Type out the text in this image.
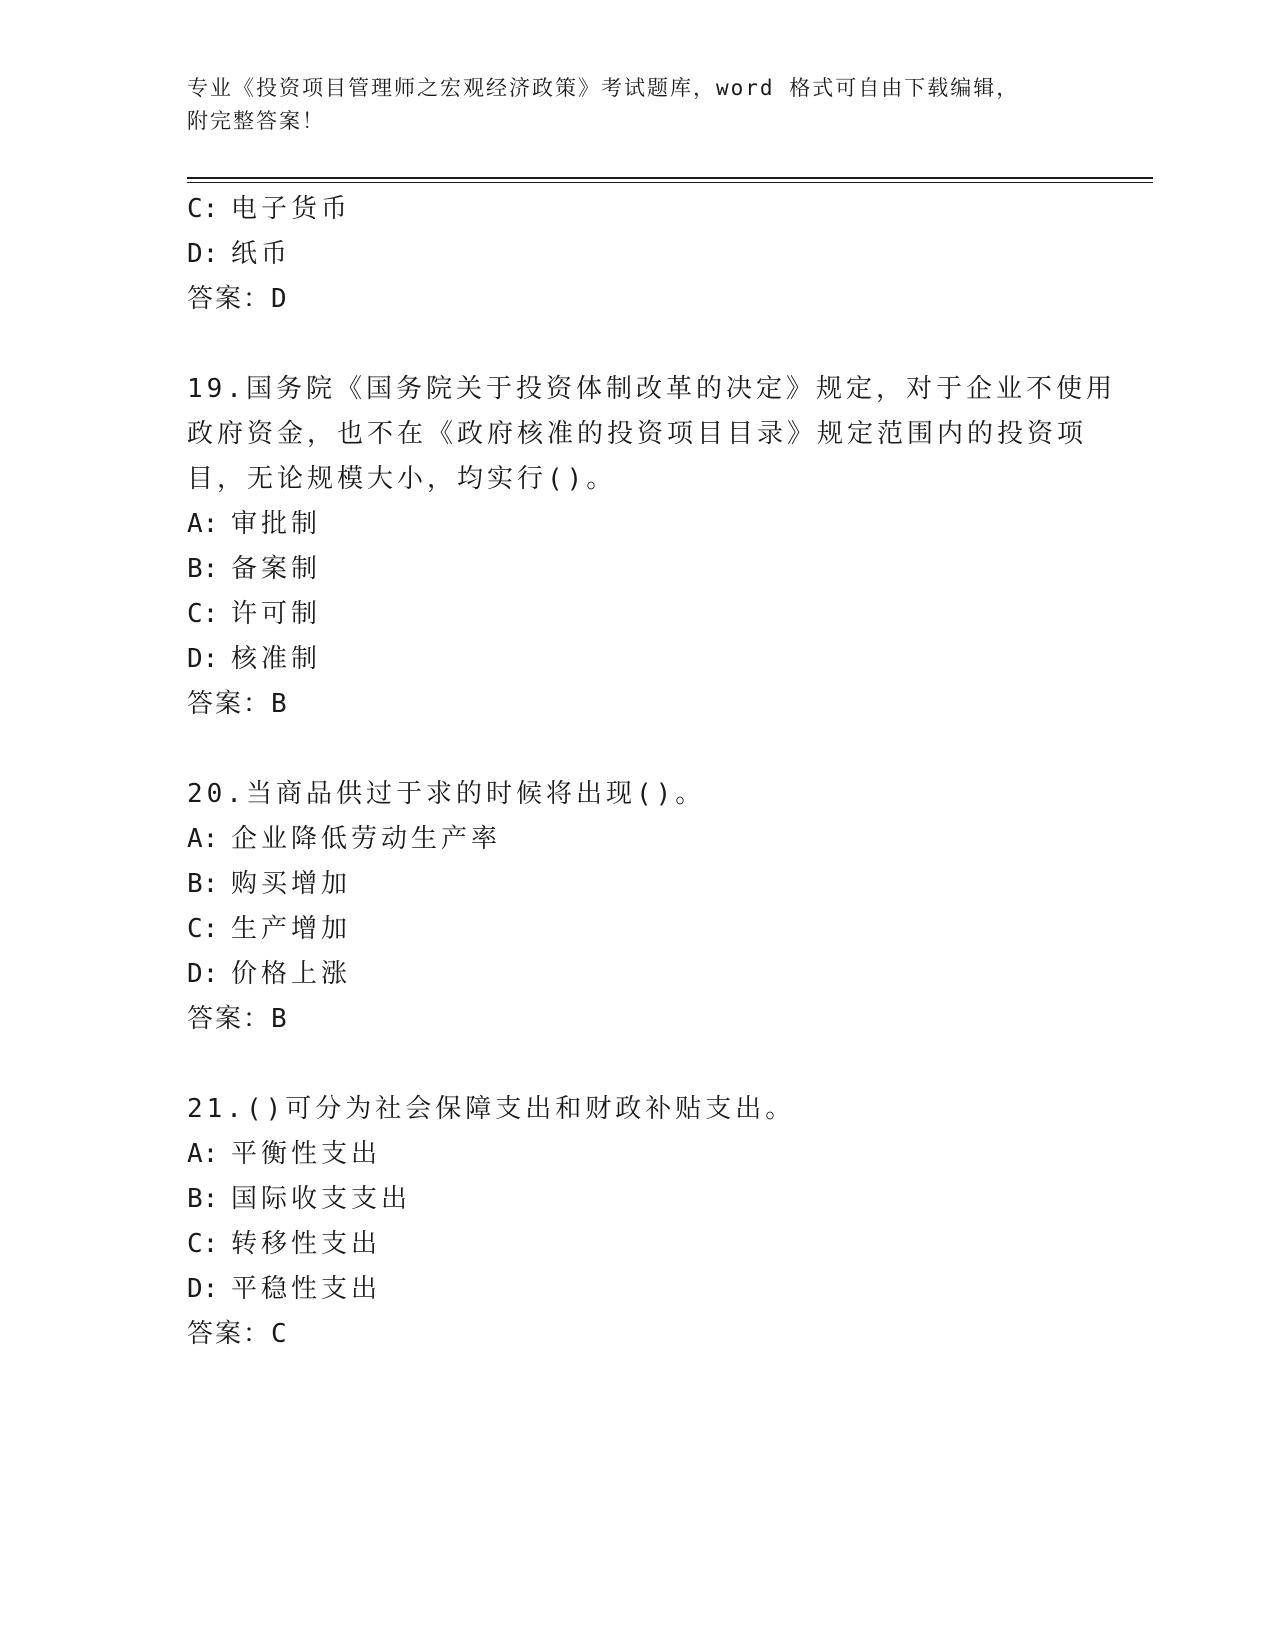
专业《投资项目管理师之宏观经济政策》考试题库，word 格式可自由下载编辑，
附完整答案！
C: 电子货币
D: 纸币
答案：D
19.国务院《国务院关于投资体制改革的决定》规定，对于企业不使用
政府资金，也不在《政府核准的投资项目目录》规定范围内的投资项
目，无论规模大小，均实行()。
A: 审批制
B: 备案制
C: 许可制
D: 核准制
答案：B
20.当商品供过于求的时候将出现()。
A: 企业降低劳动生产率
B: 购买增加
C: 生产增加
D: 价格上涨
答案：B
21.()可分为社会保障支出和财政补贴支出。
A: 平衡性支出
B: 国际收支支出
C: 转移性支出
D: 平稳性支出
答案：C
